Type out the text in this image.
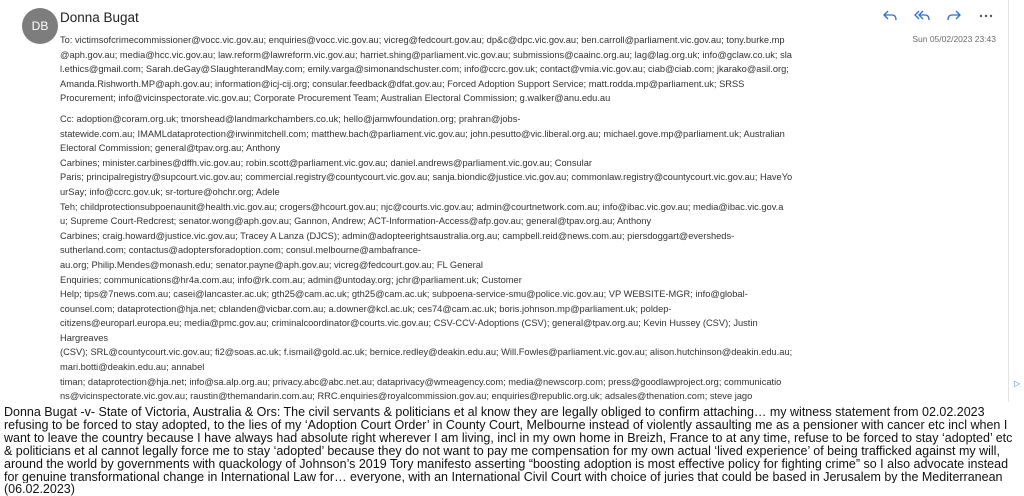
DB
Donna Bugat
Sun 05/02/2023 23:43
To: victimsofcrimecommissioner@vocc.vic.gov.au; enquiries@vocc.vic.gov.au; vicreg@fedcourt.gov.au; dp&c@dpc.vic.gov.au; ben.carroll@parliament.vic.gov.au; tony.burke.mp
@aph.gov.au; media@hcc.vic.gov.au; law.reform@lawreform.vic.gov.au; harriet.shing@parliament.vic.gov.au; submissions@caainc.org.au; lag@lag.org.uk; info@gclaw.co.uk; sla
l.ethics@gmail.com; Sarah.deGay@SlaughterandMay.com; emily.varga@simonandschuster.com; info@ccrc.gov.uk; contact@vmia.vic.gov.au; ciab@ciab.com; jkarako@asil.org;
Amanda.Rishworth.MP@aph.gov.au; information@icj-cij.org; consular.feedback@dfat.gov.au; Forced Adoption Support Service; matt.rodda.mp@parliament.uk; SRSS
Procurement; info@vicinspectorate.vic.gov.au; Corporate Procurement Team; Australian Electoral Commission; g.walker@anu.edu.au
Cc: adoption@coram.org.uk; tmorshead@landmarkchambers.co.uk; hello@jamwfoundation.org; prahran@jobs-
statewide.com.au; IMAMLdataprotection@irwinmitchell.com; matthew.bach@parliament.vic.gov.au; john.pesutto@vic.liberal.org.au; michael.gove.mp@parliament.uk; Australian
Electoral Commission; general@tpav.org.au; Anthony
Carbines; minister.carbines@dffh.vic.gov.au; robin.scott@parliament.vic.gov.au; daniel.andrews@parliament.vic.gov.au; Consular
Paris; principalregistry@supcourt.vic.gov.au; commercial.registry@countycourt.vic.gov.au; sanja.biondic@justice.vic.gov.au; commonlaw.registry@countycourt.vic.gov.au; HaveYo
urSay; info@ccrc.gov.uk; sr-torture@ohchr.org; Adele
Teh; childprotectionsubpoenaunit@health.vic.gov.au; crogers@hcourt.gov.au; njc@courts.vic.gov.au; admin@courtnetwork.com.au; info@ibac.vic.gov.au; media@ibac.vic.gov.a
u; Supreme Court-Redcrest; senator.wong@aph.gov.au; Gannon, Andrew; ACT-Information-Access@afp.gov.au; general@tpav.org.au; Anthony
Carbines; craig.howard@justice.vic.gov.au; Tracey A Lanza (DJCS); admin@adopteerightsaustralia.org.au; campbell.reid@news.com.au; piersdoggart@eversheds-
sutherland.com; contactus@adoptersforadoption.com; consul.melbourne@ambafrance-
au.org; Philip.Mendes@monash.edu; senator.payne@aph.gov.au; vicreg@fedcourt.gov.au; FL General
Enquiries; communications@hr4a.com.au; info@rk.com.au; admin@untoday.org; jchr@parliament.uk; Customer
Help; tips@7news.com.au; casei@lancaster.ac.uk; gth25@cam.ac.uk; gth25@cam.ac.uk; subpoena-service-smu@police.vic.gov.au; VP WEBSITE-MGR; info@global-
counsel.com; dataprotection@hja.net; cblanden@vicbar.com.au; a.downer@kcl.ac.uk; ces74@cam.ac.uk; boris.johnson.mp@parliament.uk; poldep-
citizens@europarl.europa.eu; media@pmc.gov.au; criminalcoordinator@courts.vic.gov.au; CSV-CCV-Adoptions (CSV); general@tpav.org.au; Kevin Hussey (CSV); Justin
Hargreaves
(CSV); SRL@countycourt.vic.gov.au; fi2@soas.ac.uk; f.ismail@gold.ac.uk; bernice.redley@deakin.edu.au; Will.Fowles@parliament.vic.gov.au; alison.hutchinson@deakin.edu.au;
mari.botti@deakin.edu.au; annabel
timan; dataprotection@hja.net; info@sa.alp.org.au; privacy.abc@abc.net.au; dataprivacy@wmeagency.com; media@newscorp.com; press@goodlawproject.org; communicatio
ns@vicinspectorate.vic.gov.au; raustin@themandarin.com.au; RRC.enquiries@royalcommission.gov.au; enquiries@republic.org.uk; adsales@thenation.com; steve jago
▷
Donna Bugat -v- State of Victoria, Australia & Ors: The civil servants & politicians et al know they are legally obliged to confirm attaching… my witness statement from 02.02.2023
refusing to be forced to stay adopted, to the lies of my ‘Adoption Court Order’ in County Court, Melbourne instead of violently assaulting me as a pensioner with cancer etc incl when I
want to leave the country because I have always had absolute right wherever I am living, incl in my own home in Breizh, France to at any time, refuse to be forced to stay ‘adopted’ etc
& politicians et al cannot legally force me to stay ‘adopted’ because they do not want to pay me compensation for my own actual ‘lived experience’ of being trafficked against my will,
around the world by governments with quackology of Johnson’s 2019 Tory manifesto asserting “boosting adoption is most effective policy for fighting crime” so I also advocate instead
for genuine transformational change in International Law for… everyone, with an International Civil Court with choice of juries that could be based in Jerusalem by the Mediterranean
(06.02.2023)
